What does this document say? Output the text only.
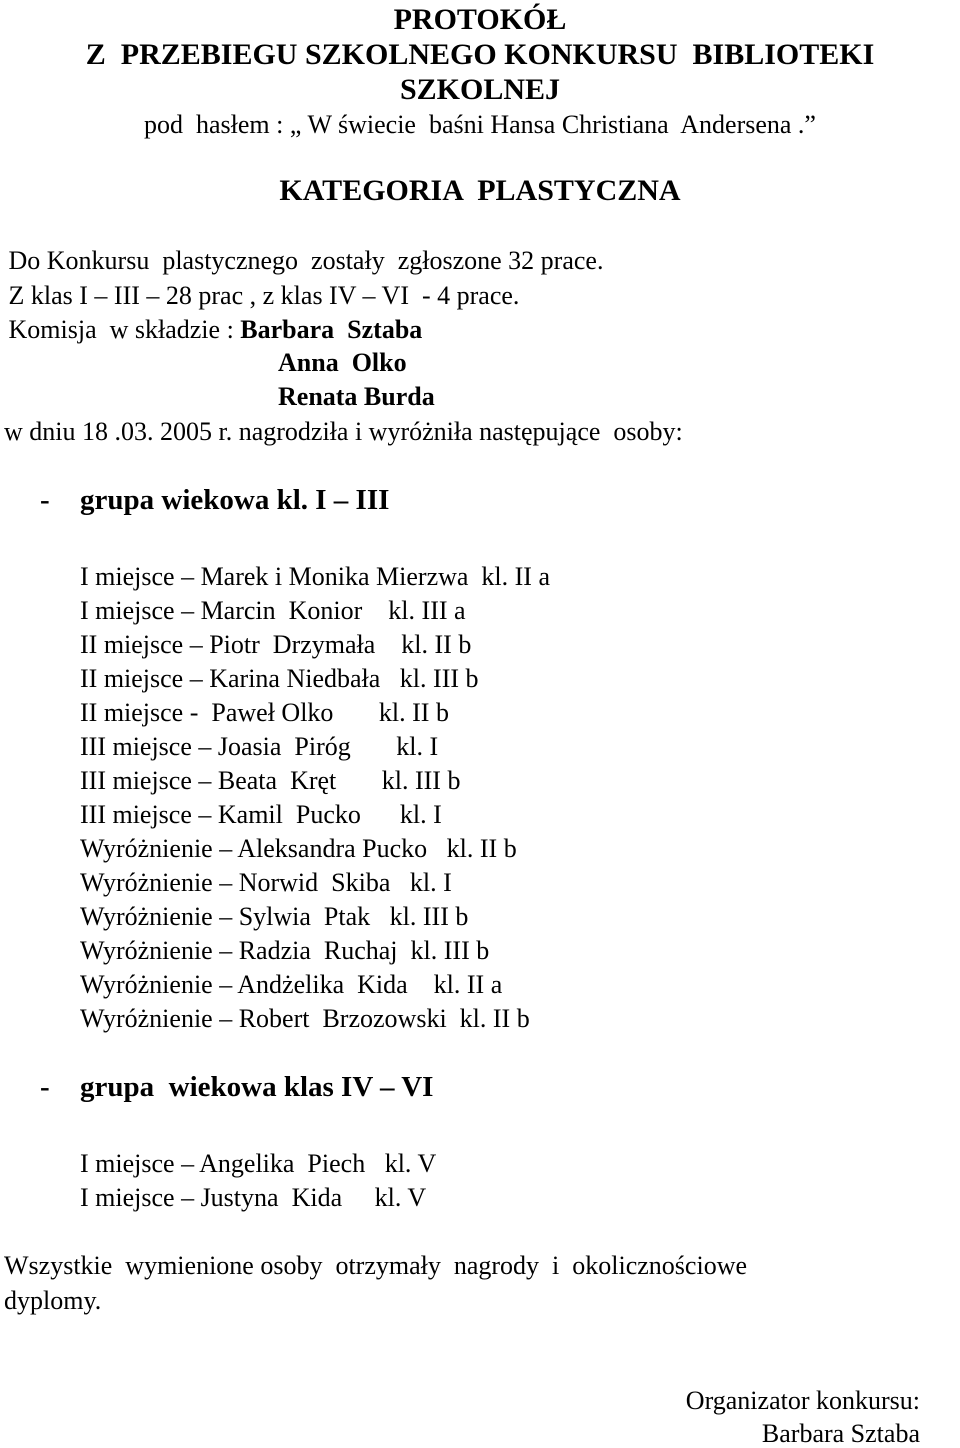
PROTOKÓŁ
Z  PRZEBIEGU SZKOLNEGO KONKURSU  BIBLIOTEKI
SZKOLNEJ
pod  hasłem : „ W świecie  baśni Hansa Christiana  Andersena .”
KATEGORIA  PLASTYCZNA
Do Konkursu  plastycznego  zostały  zgłoszone 32 prace.
Z klas I – III – 28 prac , z klas IV – VI  - 4 prace.
Komisja  w składzie : Barbara  Sztaba
Anna  Olko
Renata Burda
w dniu 18 .03. 2005 r. nagrodziła i wyróżniła następujące  osoby:
- grupa wiekowa kl. I – III
I miejsce – Marek i Monika Mierzwa  kl. II a
I miejsce – Marcin  Konior    kl. III a
II miejsce – Piotr  Drzymała    kl. II b
II miejsce – Karina Niedbała   kl. III b
II miejsce -  Paweł Olko       kl. II b
III miejsce – Joasia  Piróg       kl. I
III miejsce – Beata  Kręt       kl. III b
III miejsce – Kamil  Pucko      kl. I
Wyróżnienie – Aleksandra Pucko   kl. II b
Wyróżnienie – Norwid  Skiba   kl. I
Wyróżnienie – Sylwia  Ptak   kl. III b
Wyróżnienie – Radzia  Ruchaj  kl. III b
Wyróżnienie – Andżelika  Kida    kl. II a
Wyróżnienie – Robert  Brzozowski  kl. II b
- grupa  wiekowa klas IV – VI
I miejsce – Angelika  Piech   kl. V
I miejsce – Justyna  Kida     kl. V
Wszystkie  wymienione osoby  otrzymały  nagrody  i  okolicznościowe
dyplomy.
Organizator konkursu:
Barbara Sztaba
